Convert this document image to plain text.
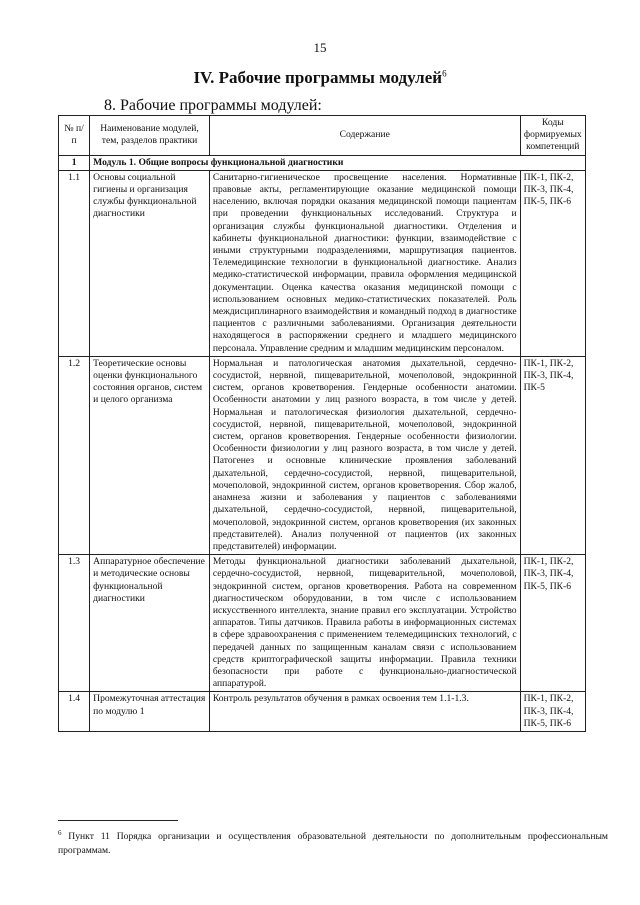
15
IV. Рабочие программы модулей$^6$
8. Рабочие программы модулей:
№ п/п	Наименование модулей, тем, разделов практики	Содержание	Коды формируемых компетенций
1	Модуль 1. Общие вопросы функциональной диагностики		
1.1	Основы социальной гигиены и организация службы функциональной диагностики	Санитарно-гигиеническое просвещение населения. Нормативные правовые акты, регламентирующие оказание медицинской помощи населению, включая порядки оказания медицинской помощи пациентам при проведении функциональных исследований. Структура и организация службы функциональной диагностики. Отделения и кабинеты функциональной диагностики: функции, взаимодействие с иными структурными подразделениями, маршрутизация пациентов. Телемедицинские технологии в функциональной диагностике. Анализ медико-статистической информации, правила оформления медицинской документации. Оценка качества оказания медицинской помощи с использованием основных медико-статистических показателей. Роль междисциплинарного взаимодействия и командный подход в диагностике пациентов с различными заболеваниями. Организация деятельности находящегося в распоряжении среднего и младшего медицинского персонала. Управление средним и младшим медицинским персоналом.	ПК-1, ПК-2, ПК-3, ПК-4, ПК-5, ПК-6
1.2	Теоретические основы оценки функционального состояния органов, систем и целого организма	Нормальная и патологическая анатомия дыхательной, сердечно-сосудистой, нервной, пищеварительной, мочеполовой, эндокринной систем, органов кроветворения. Гендерные особенности анатомии. Особенности анатомии у лиц разного возраста, в том числе у детей. Нормальная и патологическая физиология дыхательной, сердечно-сосудистой, нервной, пищеварительной, мочеполовой, эндокринной систем, органов кроветворения. Гендерные особенности физиологии. Особенности физиологии у лиц разного возраста, в том числе у детей. Патогенез и основные клинические проявления заболеваний дыхательной, сердечно-сосудистой, нервной, пищеварительной, мочеполовой, эндокринной систем, органов кроветворения. Сбор жалоб, анамнеза жизни и заболевания у пациентов с заболеваниями дыхательной, сердечно-сосудистой, нервной, пищеварительной, мочеполовой, эндокринной систем, органов кроветворения (их законных представителей). Анализ полученной от пациентов (их законных представителей) информации.	ПК-1, ПК-2, ПК-3, ПК-4, ПК-5
1.3	Аппаратурное обеспечение и методические основы функциональной диагностики	Методы функциональной диагностики заболеваний дыхательной, сердечно-сосудистой, нервной, пищеварительной, мочеполовой, эндокринной систем, органов кроветворения. Работа на современном диагностическом оборудовании, в том числе с использованием искусственного интеллекта, знание правил его эксплуатации. Устройство аппаратов. Типы датчиков. Правила работы в информационных системах в сфере здравоохранения с применением телемедицинских технологий, с передачей данных по защищенным каналам связи с использованием средств криптографической защиты информации. Правила техники безопасности при работе с функционально-диагностической аппаратурой.	ПК-1, ПК-2, ПК-3, ПК-4, ПК-5, ПК-6
1.4	Промежуточная аттестация по модулю 1	Контроль результатов обучения в рамках освоения тем 1.1-1.3.	ПК-1, ПК-2, ПК-3, ПК-4, ПК-5, ПК-6
$^6$ Пункт 11 Порядка организации и осуществления образовательной деятельности по дополнительным профессиональным программам.
